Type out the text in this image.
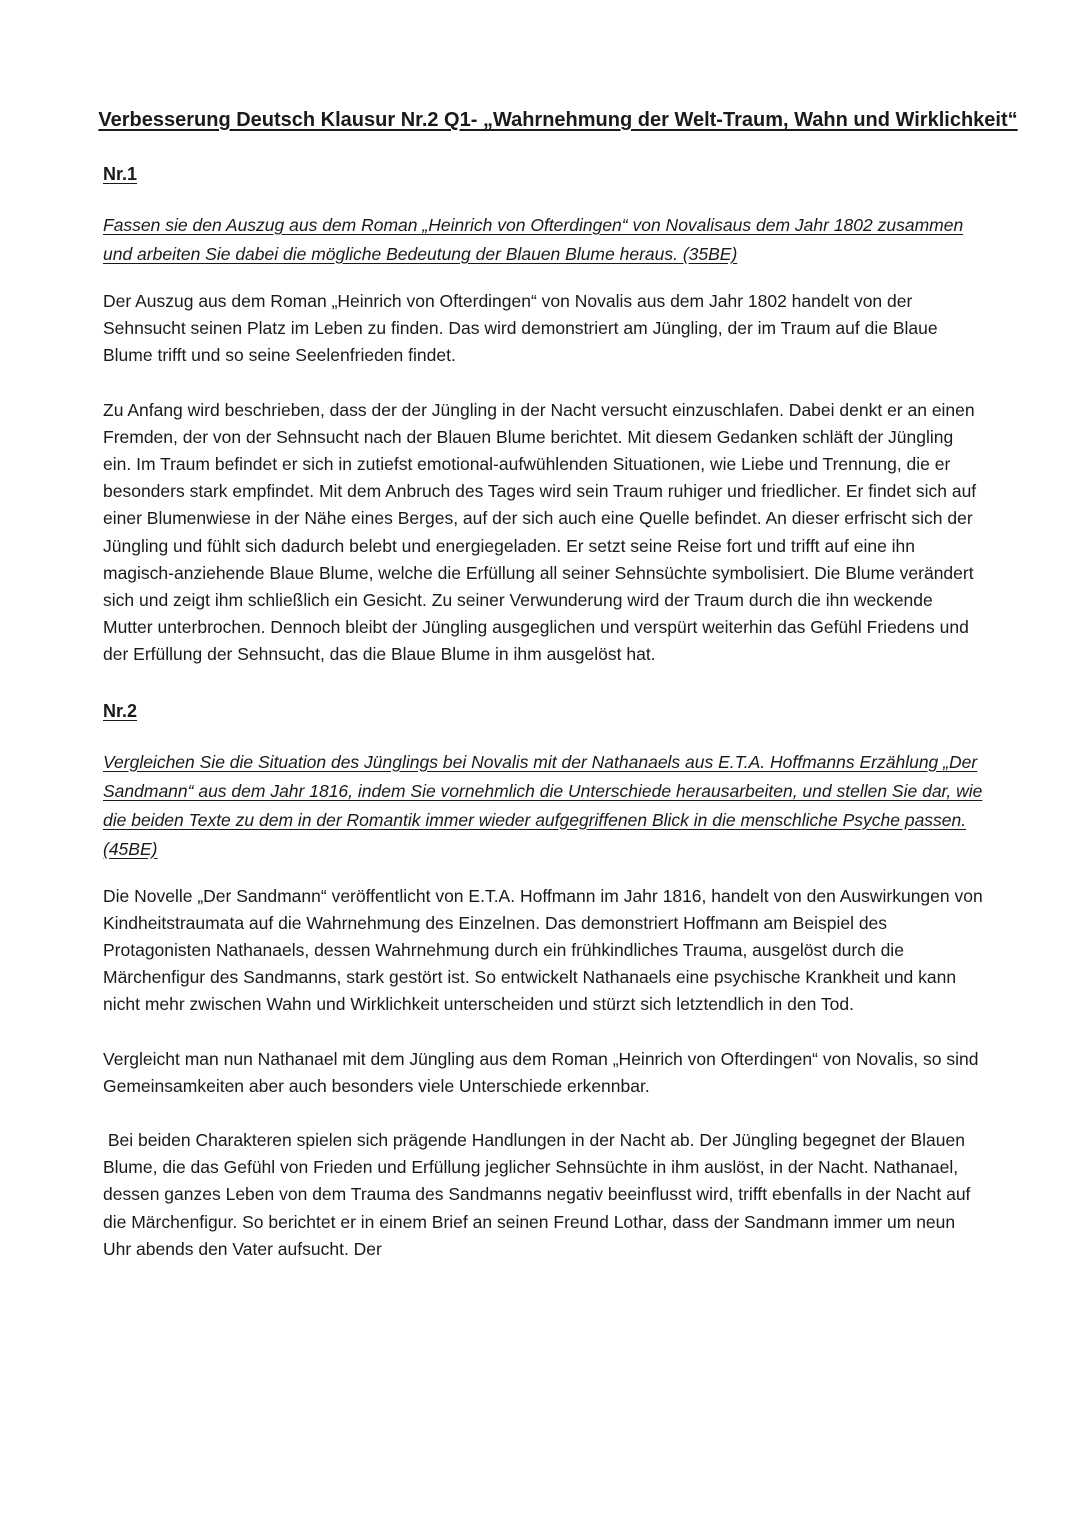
Verbesserung Deutsch Klausur Nr.2 Q1- „Wahrnehmung der Welt-Traum, Wahn und Wirklichkeit“

Nr.1

Fassen sie den Auszug aus dem Roman „Heinrich von Ofterdingen“ von Novalisaus dem Jahr 1802 zusammen und arbeiten Sie dabei die mögliche Bedeutung der Blauen Blume heraus. (35BE)

Der Auszug aus dem Roman „Heinrich von Ofterdingen“ von Novalis aus dem Jahr 1802 handelt von der Sehnsucht seinen Platz im Leben zu finden. Das wird demonstriert am Jüngling, der im Traum auf die Blaue Blume trifft und so seine Seelenfrieden findet.

Zu Anfang wird beschrieben, dass der der Jüngling in der Nacht versucht einzuschlafen. Dabei denkt er an einen Fremden, der von der Sehnsucht nach der Blauen Blume berichtet. Mit diesem Gedanken schläft der Jüngling ein. Im Traum befindet er sich in zutiefst emotional-aufwühlenden Situationen, wie Liebe und Trennung, die er besonders stark empfindet. Mit dem Anbruch des Tages wird sein Traum ruhiger und friedlicher. Er findet sich auf einer Blumenwiese in der Nähe eines Berges, auf der sich auch eine Quelle befindet. An dieser erfrischt sich der Jüngling und fühlt sich dadurch belebt und energiegeladen. Er setzt seine Reise fort und trifft auf eine ihn magisch-anziehende Blaue Blume, welche die Erfüllung all seiner Sehnsüchte symbolisiert. Die Blume verändert sich und zeigt ihm schließlich ein Gesicht. Zu seiner Verwunderung wird der Traum durch die ihn weckende Mutter unterbrochen. Dennoch bleibt der Jüngling ausgeglichen und verspürt weiterhin das Gefühl Friedens und der Erfüllung der Sehnsucht, das die Blaue Blume in ihm ausgelöst hat.

Nr.2

Vergleichen Sie die Situation des Jünglings bei Novalis mit der Nathanaels aus E.T.A. Hoffmanns Erzählung „Der Sandmann“ aus dem Jahr 1816, indem Sie vornehmlich die Unterschiede herausarbeiten, und stellen Sie dar, wie die beiden Texte zu dem in der Romantik immer wieder aufgegriffenen Blick in die menschliche Psyche passen.(45BE)

Die Novelle „Der Sandmann“ veröffentlicht von E.T.A. Hoffmann im Jahr 1816, handelt von den Auswirkungen von Kindheitstraumata auf die Wahrnehmung des Einzelnen. Das demonstriert Hoffmann am Beispiel des Protagonisten Nathanaels, dessen Wahrnehmung durch ein frühkindliches Trauma, ausgelöst durch die Märchenfigur des Sandmanns, stark gestört ist. So entwickelt Nathanaels eine psychische Krankheit und kann nicht mehr zwischen Wahn und Wirklichkeit unterscheiden und stürzt sich letztendlich in den Tod.

Vergleicht man nun Nathanael mit dem Jüngling aus dem Roman „Heinrich von Ofterdingen“ von Novalis, so sind Gemeinsamkeiten aber auch besonders viele Unterschiede erkennbar.

Bei beiden Charakteren spielen sich prägende Handlungen in der Nacht ab. Der Jüngling begegnet der Blauen Blume, die das Gefühl von Frieden und Erfüllung jeglicher Sehnsüchte in ihm auslöst, in der Nacht. Nathanael, dessen ganzes Leben von dem Trauma des Sandmanns negativ beeinflusst wird, trifft ebenfalls in der Nacht auf die Märchenfigur. So berichtet er in einem Brief an seinen Freund Lothar, dass der Sandmann immer um neun Uhr abends den Vater aufsucht. Der
